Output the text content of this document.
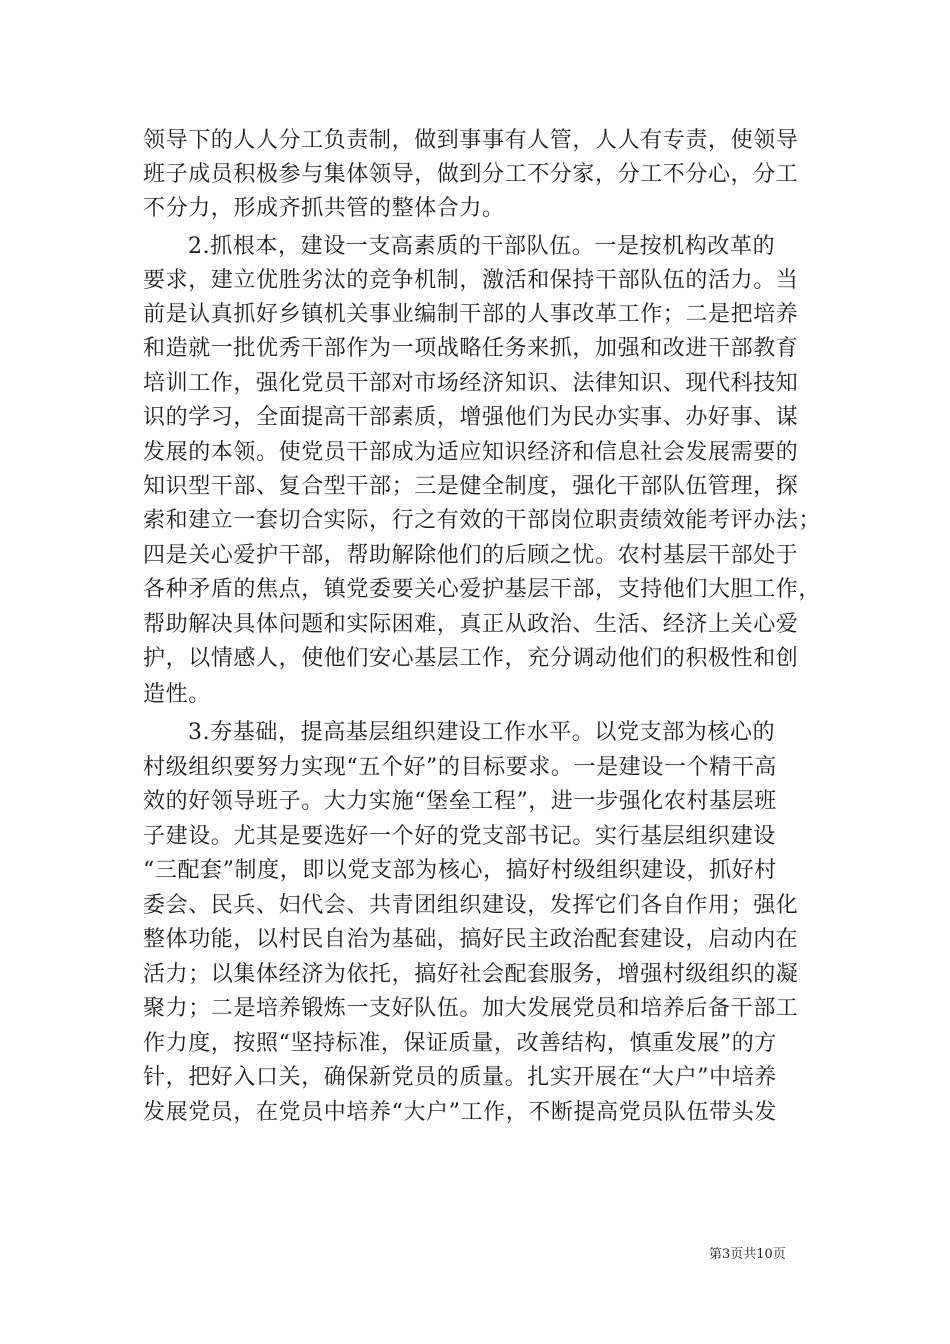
领导下的人人分工负责制，做到事事有人管，人人有专责，使领导
班子成员积极参与集体领导，做到分工不分家，分工不分心，分工
不分力，形成齐抓共管的整体合力。
2.抓根本，建设一支高素质的干部队伍。一是按机构改革的
要求，建立优胜劣汰的竞争机制，激活和保持干部队伍的活力。当
前是认真抓好乡镇机关事业编制干部的人事改革工作；二是把培养
和造就一批优秀干部作为一项战略任务来抓，加强和改进干部教育
培训工作，强化党员干部对市场经济知识、法律知识、现代科技知
识的学习，全面提高干部素质，增强他们为民办实事、办好事、谋
发展的本领。使党员干部成为适应知识经济和信息社会发展需要的
知识型干部、复合型干部；三是健全制度，强化干部队伍管理，探
索和建立一套切合实际，行之有效的干部岗位职责绩效能考评办法；
四是关心爱护干部，帮助解除他们的后顾之忧。农村基层干部处于
各种矛盾的焦点，镇党委要关心爱护基层干部，支持他们大胆工作，
帮助解决具体问题和实际困难，真正从政治、生活、经济上关心爱
护，以情感人，使他们安心基层工作，充分调动他们的积极性和创
造性。
3.夯基础，提高基层组织建设工作水平。以党支部为核心的
村级组织要努力实现“五个好”的目标要求。一是建设一个精干高
效的好领导班子。大力实施“堡垒工程”，进一步强化农村基层班
子建设。尤其是要选好一个好的党支部书记。实行基层组织建设
“三配套”制度，即以党支部为核心，搞好村级组织建设，抓好村
委会、民兵、妇代会、共青团组织建设，发挥它们各自作用；强化
整体功能，以村民自治为基础，搞好民主政治配套建设，启动内在
活力；以集体经济为依托，搞好社会配套服务，增强村级组织的凝
聚力；二是培养锻炼一支好队伍。加大发展党员和培养后备干部工
作力度，按照“坚持标准，保证质量，改善结构，慎重发展”的方
针，把好入口关，确保新党员的质量。扎实开展在“大户”中培养
发展党员，在党员中培养“大户”工作，不断提高党员队伍带头发
第3页共10页
